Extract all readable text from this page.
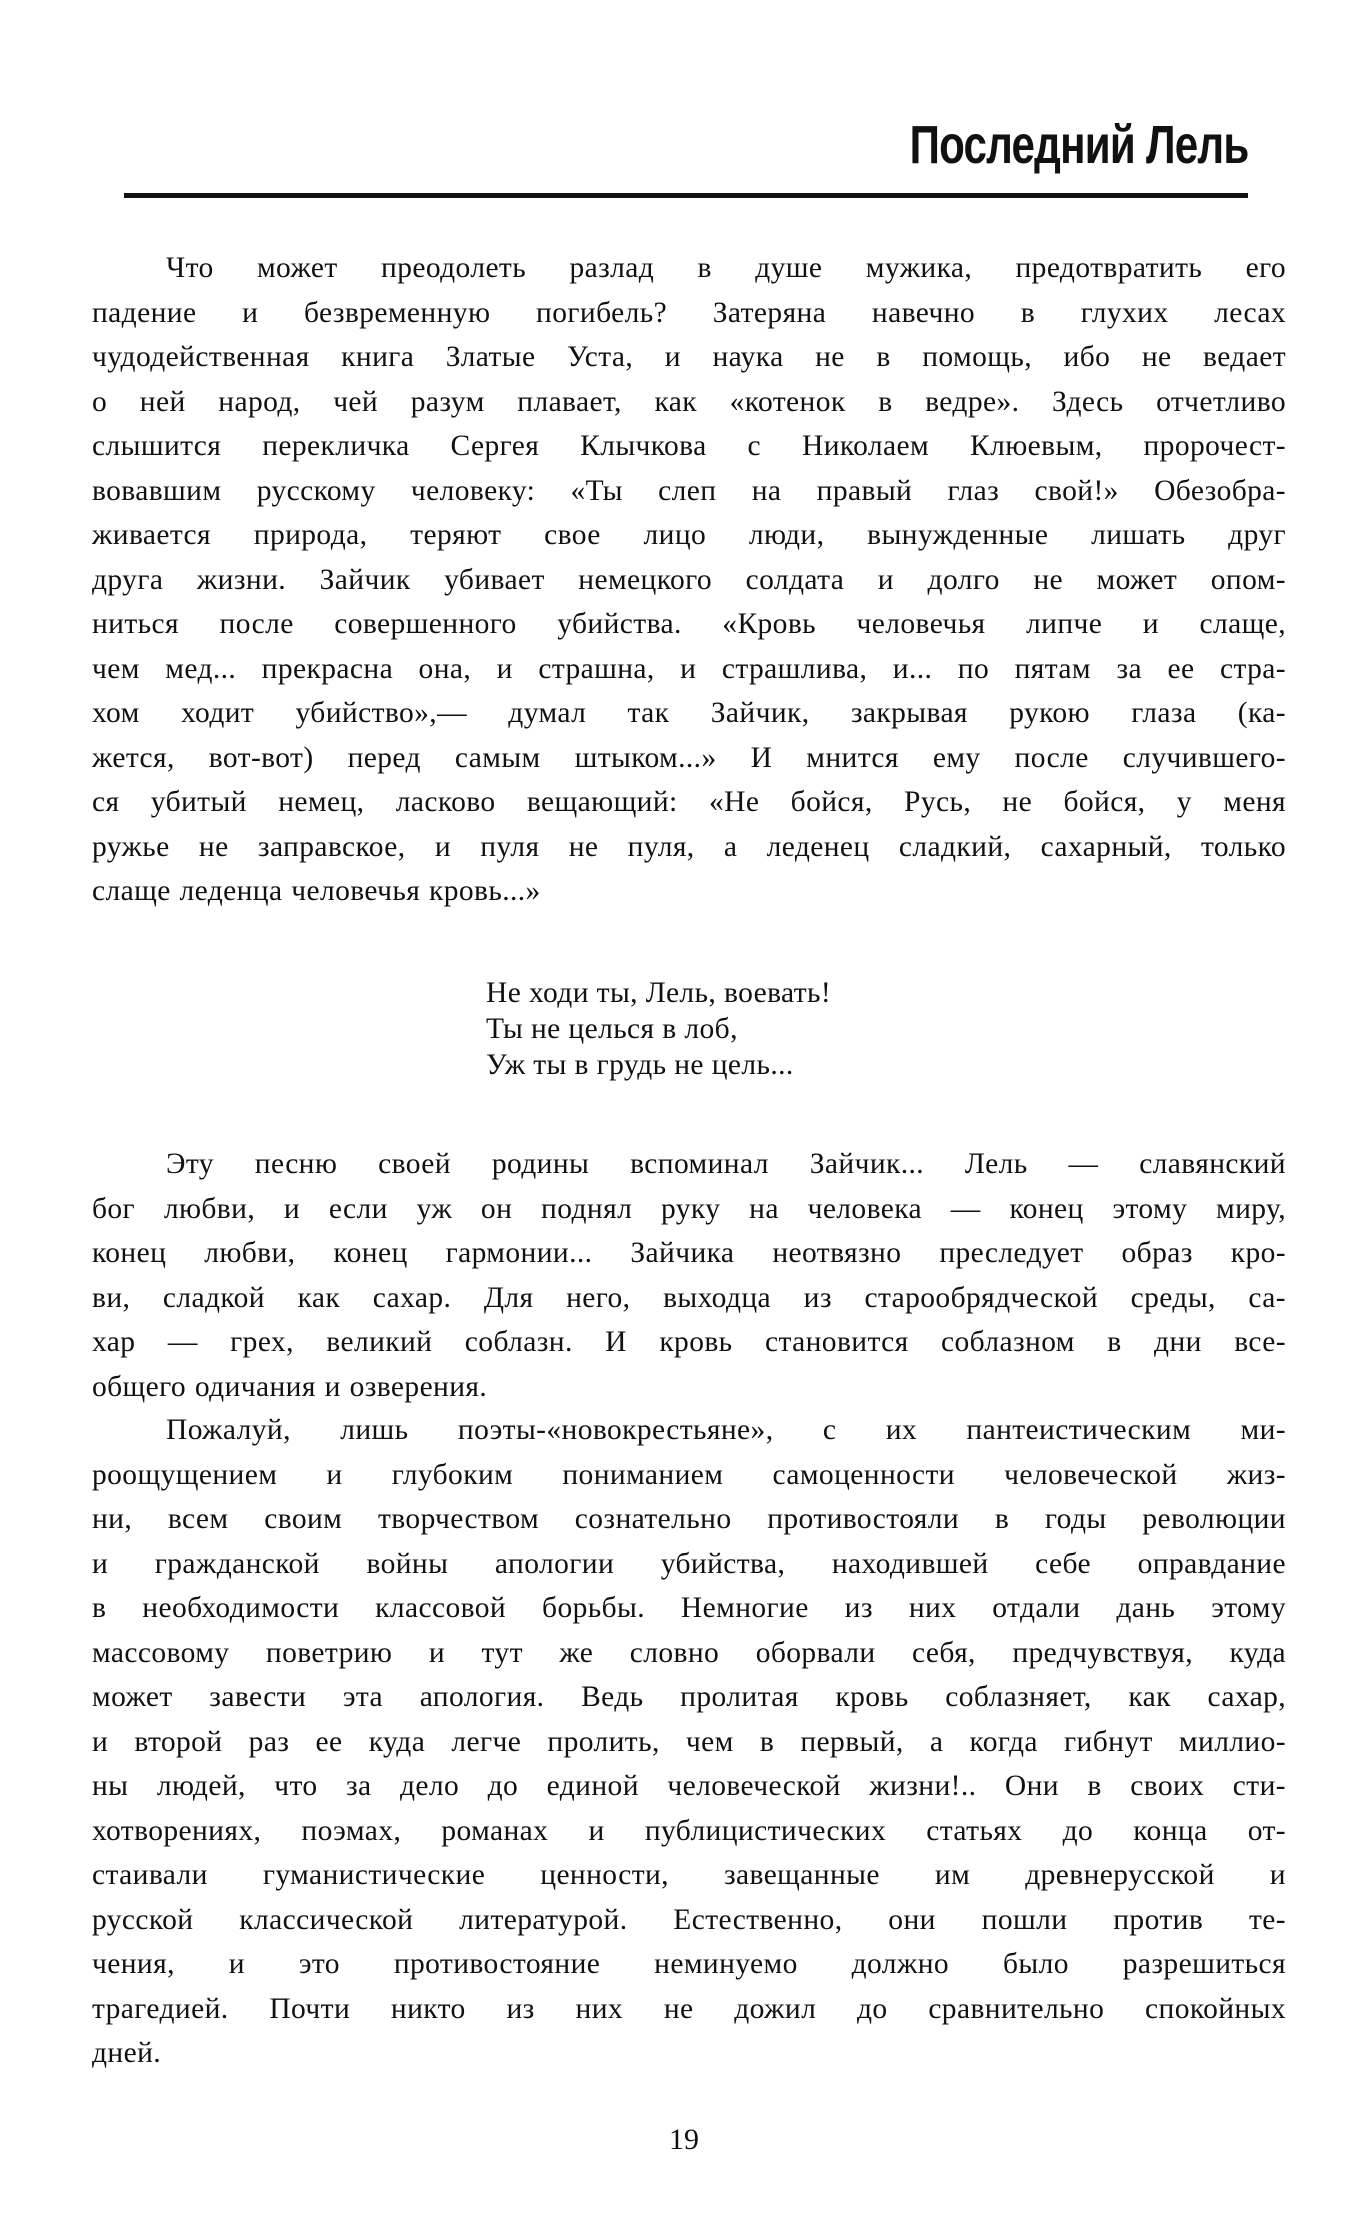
Последний Лель
Что может преодолеть разлад в душе мужика, предотвратить его
падение и безвременную погибель? Затеряна навечно в глухих лесах
чудодейственная книга Златые Уста, и наука не в помощь, ибо не ведает
о ней народ, чей разум плавает, как «котенок в ведре». Здесь отчетливо
слышится перекличка Сергея Клычкова с Николаем Клюевым, пророчест-
вовавшим русскому человеку: «Ты слеп на правый глаз свой!» Обезобра-
живается природа, теряют свое лицо люди, вынужденные лишать друг
друга жизни. Зайчик убивает немецкого солдата и долго не может опом-
ниться после совершенного убийства. «Кровь человечья липче и слаще,
чем мед... прекрасна она, и страшна, и страшлива, и... по пятам за ее стра-
хом ходит убийство»,— думал так Зайчик, закрывая рукою глаза (ка-
жется, вот-вот) перед самым штыком...» И мнится ему после случившего-
ся убитый немец, ласково вещающий: «Не бойся, Русь, не бойся, у меня
ружье не заправское, и пуля не пуля, а леденец сладкий, сахарный, только
слаще леденца человечья кровь...»
Не ходи ты, Лель, воевать!
Ты не целься в лоб,
Уж ты в грудь не цель...
Эту песню своей родины вспоминал Зайчик... Лель — славянский
бог любви, и если уж он поднял руку на человека — конец этому миру,
конец любви, конец гармонии... Зайчика неотвязно преследует образ кро-
ви, сладкой как сахар. Для него, выходца из старообрядческой среды, са-
хар — грех, великий соблазн. И кровь становится соблазном в дни все-
общего одичания и озверения.
Пожалуй, лишь поэты-«новокрестьяне», с их пантеистическим ми-
роощущением и глубоким пониманием самоценности человеческой жиз-
ни, всем своим творчеством сознательно противостояли в годы революции
и гражданской войны апологии убийства, находившей себе оправдание
в необходимости классовой борьбы. Немногие из них отдали дань этому
массовому поветрию и тут же словно оборвали себя, предчувствуя, куда
может завести эта апология. Ведь пролитая кровь соблазняет, как сахар,
и второй раз ее куда легче пролить, чем в первый, а когда гибнут миллио-
ны людей, что за дело до единой человеческой жизни!.. Они в своих сти-
хотворениях, поэмах, романах и публицистических статьях до конца от-
стаивали гуманистические ценности, завещанные им древнерусской и
русской классической литературой. Естественно, они пошли против те-
чения, и это противостояние неминуемо должно было разрешиться
трагедией. Почти никто из них не дожил до сравнительно спокойных
дней.
19
